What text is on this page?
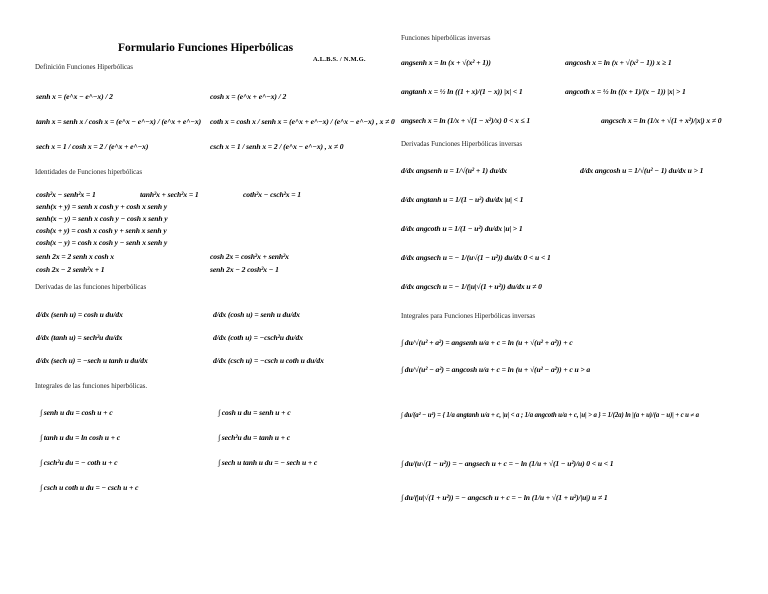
Formulario Funciones Hiperbólicas
A.L.B.S. / N.M.G.
Definición Funciones Hiperbólicas
senh x = (e^x − e^−x) / 2	cosh x = (e^x + e^−x) / 2
tanh x = senh x / cosh x = (e^x − e^−x) / (e^x + e^−x) coth x = cosh x / senh x = (e^x + e^−x) / (e^x − e^−x) , x ≠ 0
sech x = 1 / cosh x = 2 / (e^x + e^−x)	csch x = 1 / senh x = 2 / (e^x − e^−x) , x ≠ 0
Identidades de Funciones hiperbólicas
cosh²x − senh²x = 1	tanh²x + sech²x = 1	coth²x − csch²x = 1
senh(x + y) = senh x cosh y + cosh x senh y
senh(x − y) = senh x cosh y − cosh x senh y
cosh(x + y) = cosh x cosh y + senh x senh y
cosh(x − y) = cosh x cosh y − senh x senh y
senh 2x = 2 senh x cosh x	cosh 2x = cosh²x + senh²x
cosh 2x − 2 senh²x + 1	senh 2x − 2 cosh²x − 1
Derivadas de las funciones hiperbólicas
d/dx (senh u) = cosh u du/dx	d/dx (cosh u) = senh u du/dx
d/dx (tanh u) = sech²u du/dx	d/dx (coth u) = −csch²u du/dx
d/dx (sech u) = −sech u tanh u du/dx	d/dx (csch u) = −csch u coth u du/dx
Integrales de las funciones hiperbólicas.
∫ senh u du = cosh u + c	∫ cosh u du = senh u + c
∫ tanh u du = ln cosh u + c	∫ sech²u du = tanh u + c
∫ csch²u du = − coth u + c	∫ sech u tanh u du = − sech u + c
∫ csch u coth u du = − csch u + c
Funciones hiperbólicas inversas
angsenh x = ln (x + √(x² + 1))	angcosh x = ln (x + √(x² − 1)) x ≥ 1
angtanh x = ½ ln ((1 + x)/(1 − x)) |x| < 1	angcoth x = ½ ln ((x + 1)/(x − 1)) |x| > 1
angsech x = ln (1/x + √(1 − x²)/x) 0 < x ≤ 1	angcsch x = ln (1/x + √(1 + x²)/|x|) x ≠ 0
Derivadas Funciones Hiperbólicas inversas
d/dx angsenh u = 1/√(u² + 1) du/dx	d/dx angcosh u = 1/√(u² − 1) du/dx u > 1
d/dx angtanh u = 1/(1 − u²) du/dx |u| < 1
d/dx angcoth u = 1/(1 − u²) du/dx |u| > 1
d/dx angsech u = − 1/(u√(1 − u²)) du/dx 0 < u < 1
d/dx angcsch u = − 1/(|u|√(1 + u²)) du/dx u ≠ 0
Integrales para Funciones Hiperbólicas inversas
∫ du/√(u² + a²) = angsenh u/a + c = ln (u + √(u² + a²)) + c
∫ du/√(u² − a²) = angcosh u/a + c = ln (u + √(u² − a²)) + c u > a
∫ du/(a² − u²) = { 1/a angtanh u/a + c, |u| < a ; 1/a angcoth u/a + c, |u| > a } = 1/(2a) ln |(a + u)/(a − u)| + c u ≠ a
∫ du/(u√(1 − u²)) = − angsech u + c = − ln (1/u + √(1 − u²)/u) 0 < u < 1
∫ du/(|u|√(1 + u²)) = − angcsch u + c = − ln (1/u + √(1 + u²)/|u|) u ≠ 1
